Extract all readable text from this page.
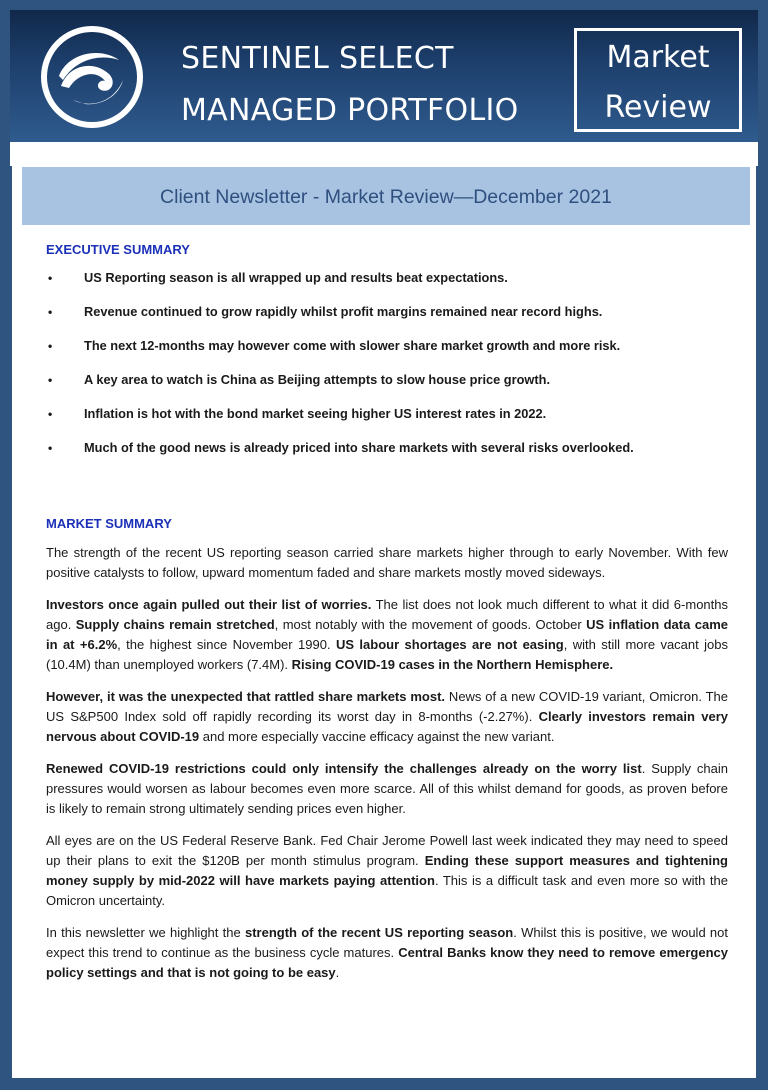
SENTINEL SELECT
MANAGED PORTFOLIO
Market
Review
Client Newsletter - Market Review—December 2021
EXECUTIVE SUMMARY
• US Reporting season is all wrapped up and results beat expectations.
• Revenue continued to grow rapidly whilst profit margins remained near record highs.
• The next 12-months may however come with slower share market growth and more risk.
• A key area to watch is China as Beijing attempts to slow house price growth.
• Inflation is hot with the bond market seeing higher US interest rates in 2022.
• Much of the good news is already priced into share markets with several risks overlooked.
MARKET SUMMARY

The strength of the recent US reporting season carried share markets higher through to early November. With few positive catalysts to follow, upward momentum faded and share markets mostly moved sideways.

Investors once again pulled out their list of worries. The list does not look much different to what it did 6-months ago. Supply chains remain stretched, most notably with the movement of goods. October US inflation data came in at +6.2%, the highest since November 1990. US labour shortages are not easing, with still more vacant jobs (10.4M) than unemployed workers (7.4M). Rising COVID-19 cases in the Northern Hemisphere.

However, it was the unexpected that rattled share markets most. News of a new COVID-19 variant, Omicron. The US S&P500 Index sold off rapidly recording its worst day in 8-months (-2.27%). Clearly investors remain very nervous about COVID-19 and more especially vaccine efficacy against the new variant.

Renewed COVID-19 restrictions could only intensify the challenges already on the worry list. Supply chain pressures would worsen as labour becomes even more scarce. All of this whilst demand for goods, as proven before is likely to remain strong ultimately sending prices even higher.

All eyes are on the US Federal Reserve Bank. Fed Chair Jerome Powell last week indicated they may need to speed up their plans to exit the $120B per month stimulus program. Ending these support measures and tightening money supply by mid-2022 will have markets paying attention. This is a difficult task and even more so with the Omicron uncertainty.

In this newsletter we highlight the strength of the recent US reporting season. Whilst this is positive, we would not expect this trend to continue as the business cycle matures. Central Banks know they need to remove emergency policy settings and that is not going to be easy.
